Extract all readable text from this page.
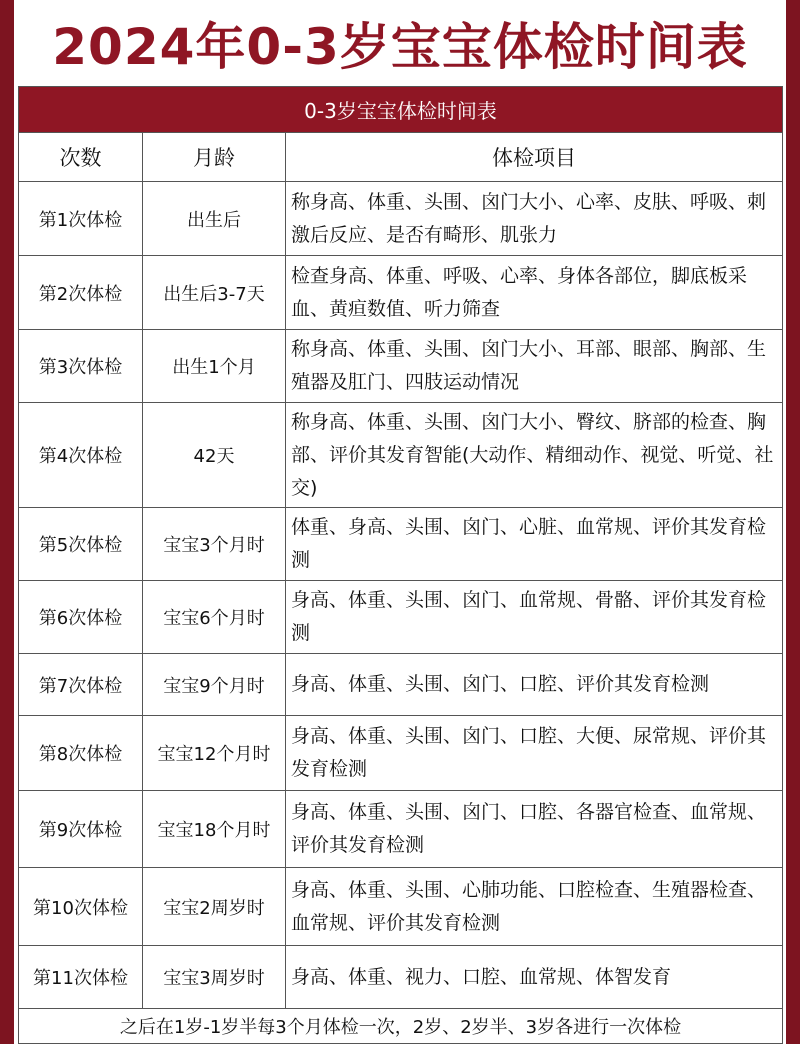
2024年0-3岁宝宝体检时间表
0-3岁宝宝体检时间表		
次数	月龄	体检项目
第1次体检	出生后	称身高、体重、头围、囟门大小、心率、皮肤、呼吸、刺激后反应、是否有畸形、肌张力
第2次体检	出生后3-7天	检查身高、体重、呼吸、心率、身体各部位，脚底板采血、黄疸数值、听力筛查
第3次体检	出生1个月	称身高、体重、头围、囟门大小、耳部、眼部、胸部、生殖器及肛门、四肢运动情况
第4次体检	42天	称身高、体重、头围、囟门大小、臀纹、脐部的检查、胸部、评价其发育智能(大动作、精细动作、视觉、听觉、社交)
第5次体检	宝宝3个月时	体重、身高、头围、囟门、心脏、血常规、评价其发育检测
第6次体检	宝宝6个月时	身高、体重、头围、囟门、血常规、骨骼、评价其发育检测
第7次体检	宝宝9个月时	身高、体重、头围、囟门、口腔、评价其发育检测
第8次体检	宝宝12个月时	身高、体重、头围、囟门、口腔、大便、尿常规、评价其发育检测
第9次体检	宝宝18个月时	身高、体重、头围、囟门、口腔、各器官检查、血常规、评价其发育检测
第10次体检	宝宝2周岁时	身高、体重、头围、心肺功能、口腔检查、生殖器检查、血常规、评价其发育检测
第11次体检	宝宝3周岁时	身高、体重、视力、口腔、血常规、体智发育
之后在1岁-1岁半每3个月体检一次，2岁、2岁半、3岁各进行一次体检		
